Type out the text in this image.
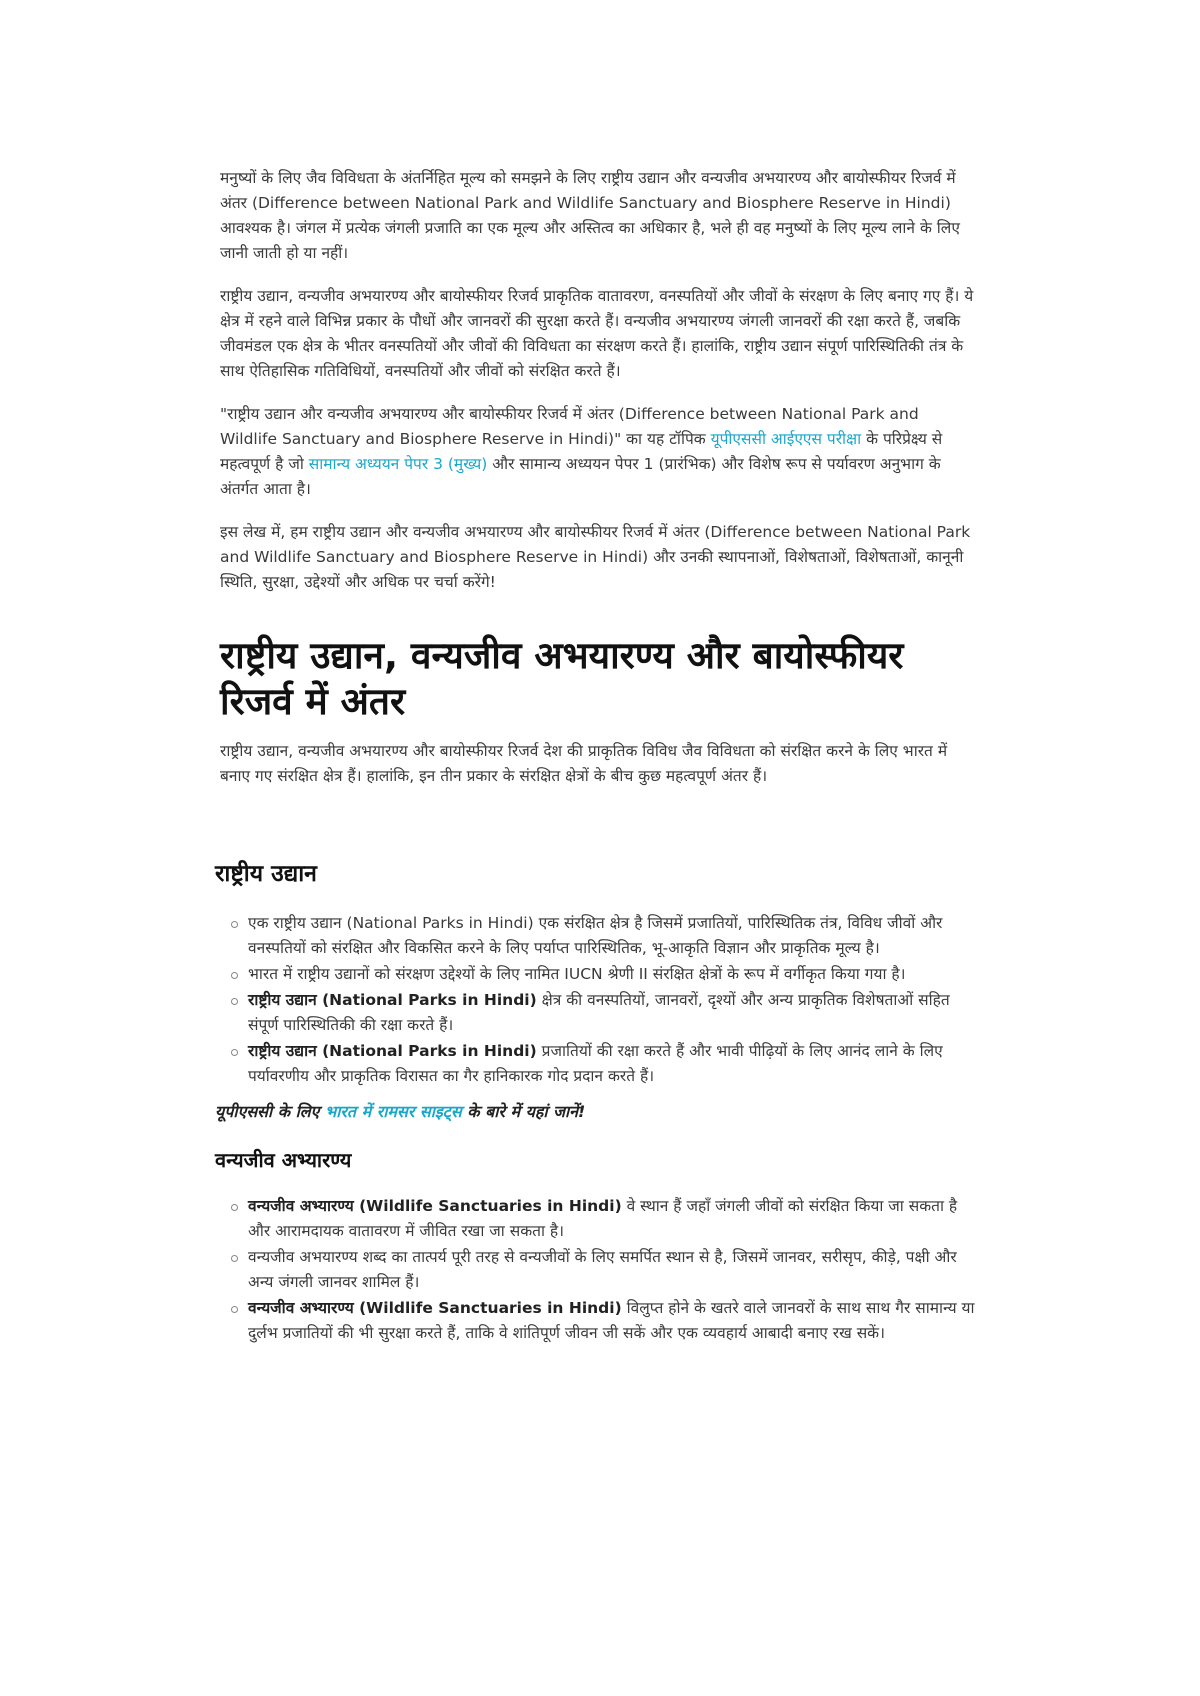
मनुष्यों के लिए जैव विविधता के अंतर्निहित मूल्य को समझने के लिए राष्ट्रीय उद्यान और वन्यजीव अभयारण्य और बायोस्फीयर रिजर्व में अंतर (Difference between National Park and Wildlife Sanctuary and Biosphere Reserve in Hindi) आवश्यक है। जंगल में प्रत्येक जंगली प्रजाति का एक मूल्य और अस्तित्व का अधिकार है, भले ही वह मनुष्यों के लिए मूल्य लाने के लिए जानी जाती हो या नहीं।

राष्ट्रीय उद्यान, वन्यजीव अभयारण्य और बायोस्फीयर रिजर्व प्राकृतिक वातावरण, वनस्पतियों और जीवों के संरक्षण के लिए बनाए गए हैं। ये क्षेत्र में रहने वाले विभिन्न प्रकार के पौधों और जानवरों की सुरक्षा करते हैं। वन्यजीव अभयारण्य जंगली जानवरों की रक्षा करते हैं, जबकि जीवमंडल एक क्षेत्र के भीतर वनस्पतियों और जीवों की विविधता का संरक्षण करते हैं। हालांकि, राष्ट्रीय उद्यान संपूर्ण पारिस्थितिकी तंत्र के साथ ऐतिहासिक गतिविधियों, वनस्पतियों और जीवों को संरक्षित करते हैं।

"राष्ट्रीय उद्यान और वन्यजीव अभयारण्य और बायोस्फीयर रिजर्व में अंतर (Difference between National Park and Wildlife Sanctuary and Biosphere Reserve in Hindi)" का यह टॉपिक यूपीएससी आईएएस परीक्षा के परिप्रेक्ष्य से महत्वपूर्ण है जो सामान्य अध्ययन पेपर 3 (मुख्य) और सामान्य अध्ययन पेपर 1 (प्रारंभिक) और विशेष रूप से पर्यावरण अनुभाग के अंतर्गत आता है।

इस लेख में, हम राष्ट्रीय उद्यान और वन्यजीव अभयारण्य और बायोस्फीयर रिजर्व में अंतर (Difference between National Park and Wildlife Sanctuary and Biosphere Reserve in Hindi) और उनकी स्थापनाओं, विशेषताओं, विशेषताओं, कानूनी स्थिति, सुरक्षा, उद्देश्यों और अधिक पर चर्चा करेंगे!

राष्ट्रीय उद्यान, वन्यजीव अभयारण्य और बायोस्फीयर रिजर्व में अंतर

राष्ट्रीय उद्यान, वन्यजीव अभयारण्य और बायोस्फीयर रिजर्व देश की प्राकृतिक विविध जैव विविधता को संरक्षित करने के लिए भारत में बनाए गए संरक्षित क्षेत्र हैं। हालांकि, इन तीन प्रकार के संरक्षित क्षेत्रों के बीच कुछ महत्वपूर्ण अंतर हैं।

राष्ट्रीय उद्यान
एक राष्ट्रीय उद्यान (National Parks in Hindi) एक संरक्षित क्षेत्र है जिसमें प्रजातियों, पारिस्थितिक तंत्र, विविध जीवों और वनस्पतियों को संरक्षित और विकसित करने के लिए पर्याप्त पारिस्थितिक, भू-आकृति विज्ञान और प्राकृतिक मूल्य है।
भारत में राष्ट्रीय उद्यानों को संरक्षण उद्देश्यों के लिए नामित IUCN श्रेणी II संरक्षित क्षेत्रों के रूप में वर्गीकृत किया गया है।
राष्ट्रीय उद्यान (National Parks in Hindi) क्षेत्र की वनस्पतियों, जानवरों, दृश्यों और अन्य प्राकृतिक विशेषताओं सहित संपूर्ण पारिस्थितिकी की रक्षा करते हैं।
राष्ट्रीय उद्यान (National Parks in Hindi) प्रजातियों की रक्षा करते हैं और भावी पीढ़ियों के लिए आनंद लाने के लिए पर्यावरणीय और प्राकृतिक विरासत का गैर हानिकारक गोद प्रदान करते हैं।

यूपीएससी के लिए भारत में रामसर साइट्स के बारे में यहां जानें!

वन्यजीव अभ्यारण्य
वन्यजीव अभ्यारण्य (Wildlife Sanctuaries in Hindi) वे स्थान हैं जहाँ जंगली जीवों को संरक्षित किया जा सकता है और आरामदायक वातावरण में जीवित रखा जा सकता है।
वन्यजीव अभयारण्य शब्द का तात्पर्य पूरी तरह से वन्यजीवों के लिए समर्पित स्थान से है, जिसमें जानवर, सरीसृप, कीड़े, पक्षी और अन्य जंगली जानवर शामिल हैं।
वन्यजीव अभ्यारण्य (Wildlife Sanctuaries in Hindi) विलुप्त होने के खतरे वाले जानवरों के साथ साथ गैर सामान्य या दुर्लभ प्रजातियों की भी सुरक्षा करते हैं, ताकि वे शांतिपूर्ण जीवन जी सकें और एक व्यवहार्य आबादी बनाए रख सकें।
